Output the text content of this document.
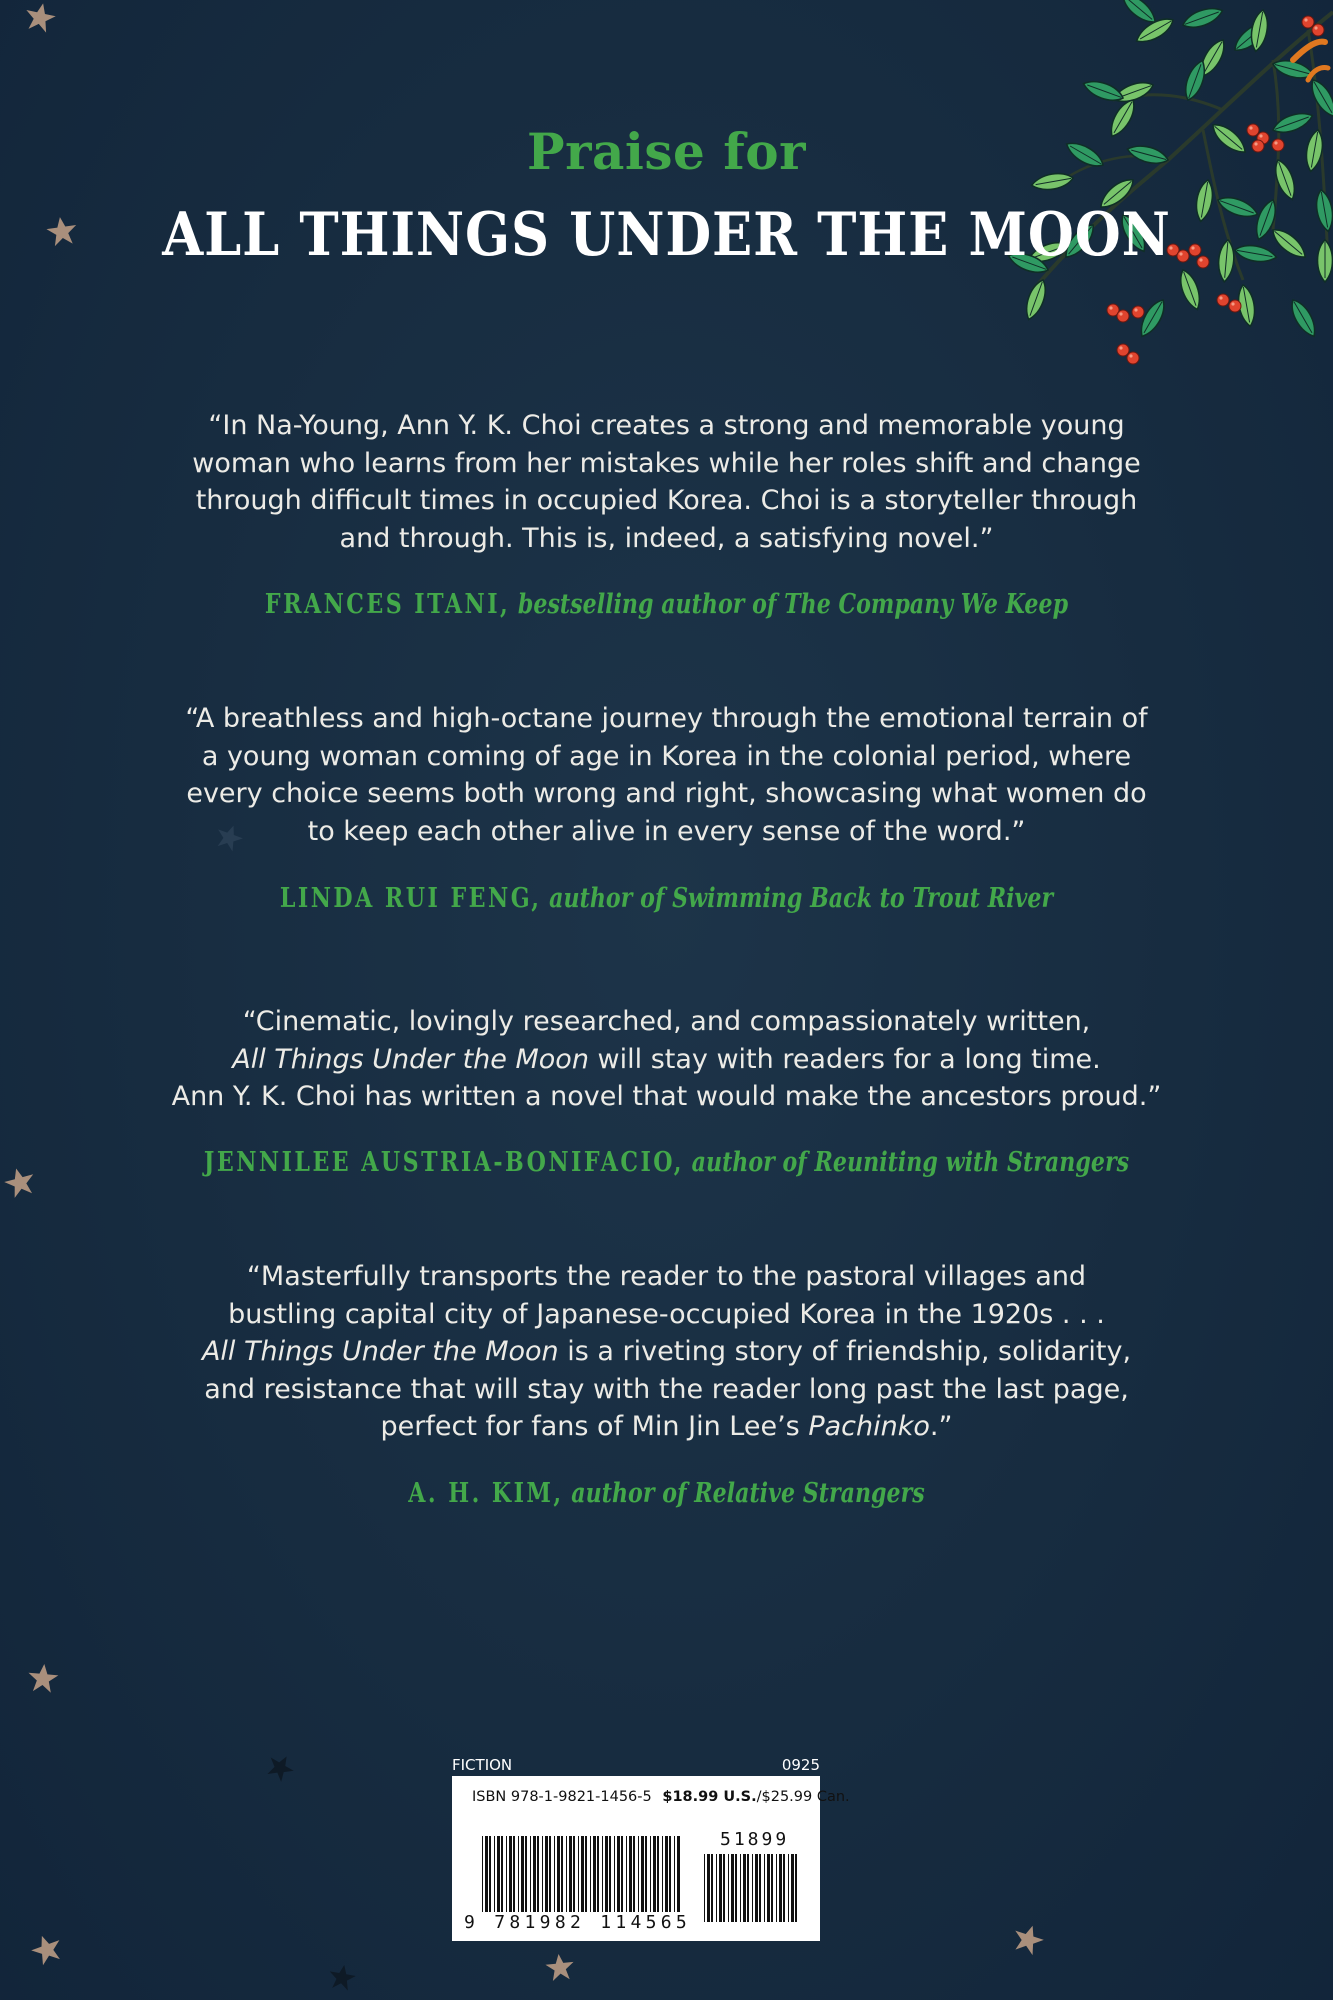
Praise for
ALL THINGS UNDER THE MOON
“In Na-Young, Ann Y. K. Choi creates a strong and memorable young
woman who learns from her mistakes while her roles shift and change
through difficult times in occupied Korea. Choi is a storyteller through
and through. This is, indeed, a satisfying novel.”
FRANCES ITANI, bestselling author of The Company We Keep
“A breathless and high-octane journey through the emotional terrain of
a young woman coming of age in Korea in the colonial period, where
every choice seems both wrong and right, showcasing what women do
to keep each other alive in every sense of the word.”
LINDA RUI FENG, author of Swimming Back to Trout River
“Cinematic, lovingly researched, and compassionately written,
All Things Under the Moon will stay with readers for a long time.
Ann Y. K. Choi has written a novel that would make the ancestors proud.”
JENNILEE AUSTRIA-BONIFACIO, author of Reuniting with Strangers
“Masterfully transports the reader to the pastoral villages and
bustling capital city of Japanese-occupied Korea in the 1920s . . .
All Things Under the Moon is a riveting story of friendship, solidarity,
and resistance that will stay with the reader long past the last page,
perfect for fans of Min Jin Lee’s Pachinko.”
A. H. KIM, author of Relative Strangers
FICTION	0925
ISBN 978-1-9821-1456-5 $18.99 U.S./$25.99 Can.
51899
9 781982 114565
